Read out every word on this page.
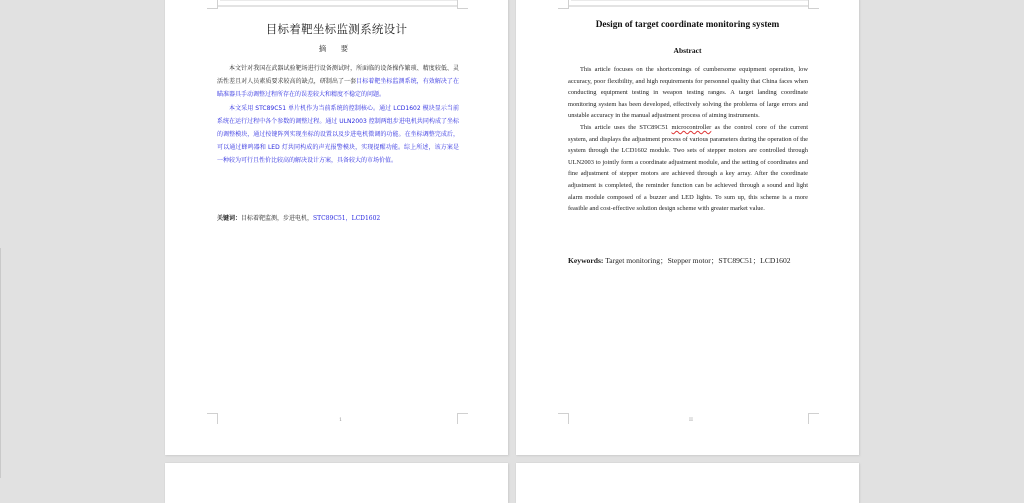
目标着靶坐标监测系统设计
摘 要

本文针对我国在武器试验靶场进行设备测试时，所面临的设备操作繁琐、精度较低、灵活性差且对人员素质要求较高的缺点，研制出了一套目标着靶坐标监测系统，有效解决了在瞄准器具手动调整过程所存在的误差较大和精度不稳定的问题。

本文采用 STC89C51 单片机作为当前系统的控制核心。通过 LCD1602 模块显示当前系统在运行过程中各个参数的调整过程。通过 ULN2003 控制两组步进电机共同构成了坐标的调整模块，通过按键阵列实现坐标的设置以及步进电机微调的功能。在坐标调整完成后，可以通过蜂鸣器和 LED 灯共同构成的声光报警模块，实现提醒功能。综上所述，该方案是一种较为可行且性价比较高的解决设计方案，具备较大的市场价值。

关键词：目标着靶监测，步进电机，STC89C51，LCD1602
1
Design of target coordinate monitoring system
Abstract

This article focuses on the shortcomings of cumbersome equipment operation, low accuracy, poor flexibility, and high requirements for personnel quality that China faces when conducting equipment testing in weapon testing ranges. A target landing coordinate monitoring system has been developed, effectively solving the problems of large errors and unstable accuracy in the manual adjustment process of aiming instruments.

This article uses the STC89C51 microcontroller as the control core of the current system, and displays the adjustment process of various parameters during the operation of the system through the LCD1602 module. Two sets of stepper motors are controlled through ULN2003 to jointly form a coordinate adjustment module, and the setting of coordinates and fine adjustment of stepper motors are achieved through a key array. After the coordinate adjustment is completed, the reminder function can be achieved through a sound and light alarm module composed of a buzzer and LED lights. To sum up, this scheme is a more feasible and cost-effective solution design scheme with greater market value.

Keywords: Target monitoring；Stepper motor；STC89C51；LCD1602
II
